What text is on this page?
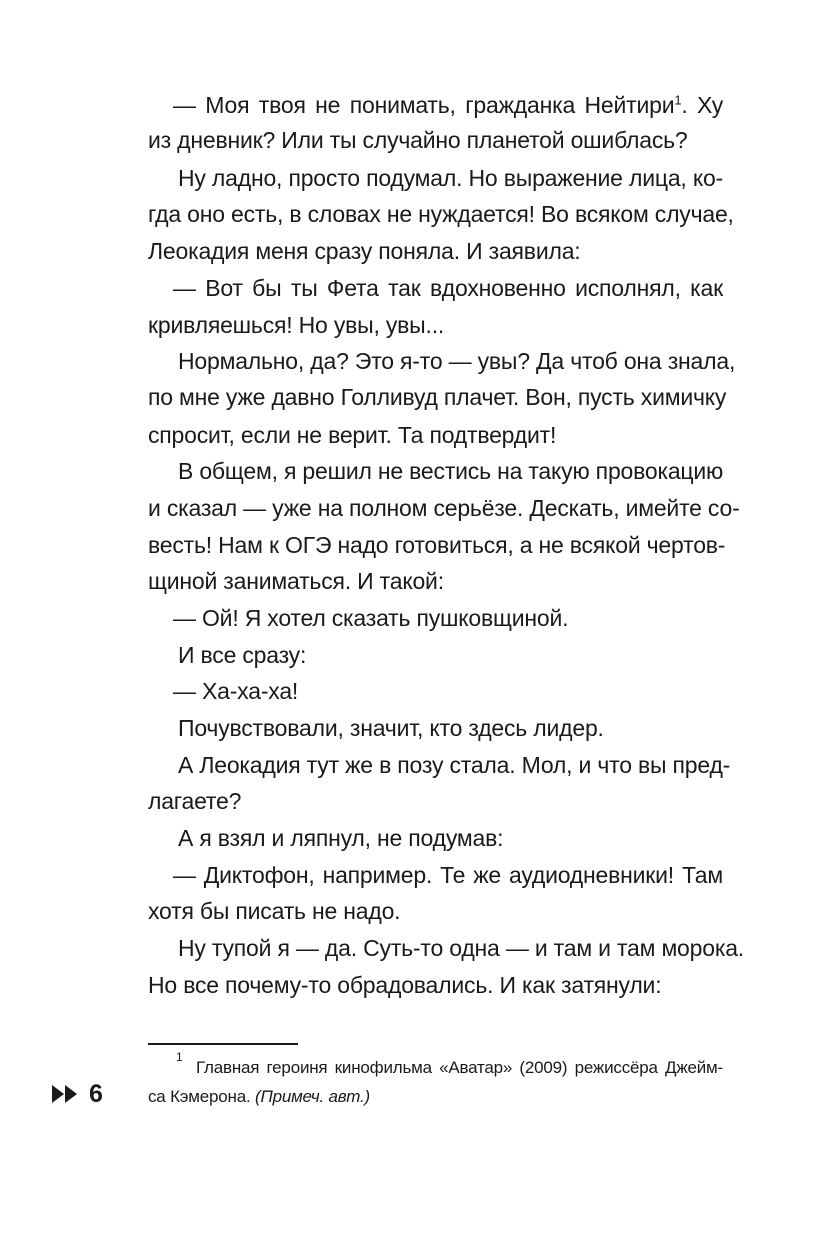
— Моя твоя не понимать, гражданка Нейтири$^1$. Ху
из дневник? Или ты случайно планетой ошиблась?
Ну ладно, просто подумал. Но выражение лица, ко-
гда оно есть, в словах не нуждается! Во всяком случае,
Леокадия меня сразу поняла. И заявила:
— Вот бы ты Фета так вдохновенно исполнял, как
кривляешься! Но увы, увы...
Нормально, да? Это я-то — увы? Да чтоб она знала,
по мне уже давно Голливуд плачет. Вон, пусть химичку
спросит, если не верит. Та подтвердит!
В общем, я решил не вестись на такую провокацию
и сказал — уже на полном серьёзе. Дескать, имейте со-
весть! Нам к ОГЭ надо готовиться, а не всякой чертов-
щиной заниматься. И такой:
— Ой! Я хотел сказать пушковщиной.
И все сразу:
— Ха-ха-ха!
Почувствовали, значит, кто здесь лидер.
А Леокадия тут же в позу стала. Мол, и что вы пред-
лагаете?
А я взял и ляпнул, не подумав:
— Диктофон, например. Те же аудиодневники! Там
хотя бы писать не надо.
Ну тупой я — да. Суть-то одна — и там и там морока.
Но все почему-то обрадовались. И как затянули:
1
Главная героиня кинофильма «Аватар» (2009) режиссёра Джейм-
са Кэмерона. (Примеч. авт.)
6
